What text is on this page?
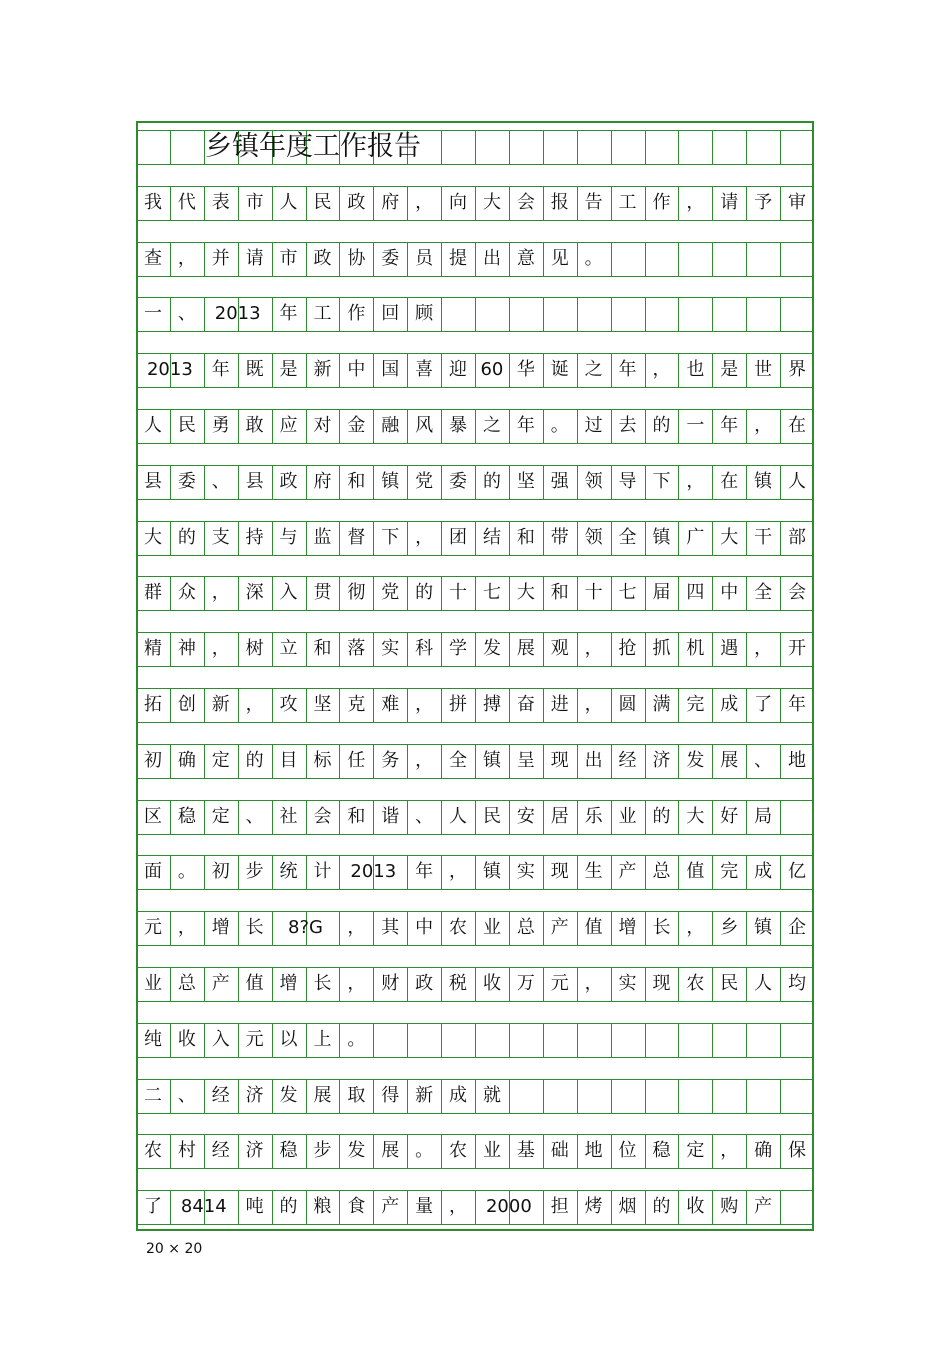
乡镇年度工作报告
我 代 表 市 人 民 政 府 ， 向 大 会 报 告 工 作 ， 请 予 审
查 ， 并 请 市 政 协 委 员 提 出 意 见 。
一 、	2013	年 工 作 回 顾
2013	年 既 是 新 中 国 喜 迎 60 华 诞 之 年 ， 也 是 世 界
人 民 勇 敢 应 对 金 融 风 暴 之 年 。 过 去 的 一 年 ， 在
县 委 、 县 政 府 和 镇 党 委 的 坚 强 领 导 下 ， 在 镇 人
大 的 支 持 与 监 督 下 ， 团 结 和 带 领 全 镇 广 大 干 部
群 众 ， 深 入 贯 彻 党 的 十 七 大 和 十 七 届 四 中 全 会
精 神 ， 树 立 和 落 实 科 学 发 展 观 ， 抢 抓 机 遇 ， 开
拓 创 新 ， 攻 坚 克 难 ， 拼 搏 奋 进 ， 圆 满 完 成 了 年
初 确 定 的 目 标 任 务 ， 全 镇 呈 现 出 经 济 发 展 、 地
区 稳 定 、 社 会 和 谐 、 人 民 安 居 乐 业 的 大 好 局
面 。 初 步 统 计	2013	年 ， 镇 实 现 生 产 总 值 完 成 亿
元 ， 增 长	8?G	， 其 中 农 业 总 产 值 增 长 ， 乡 镇 企
业 总 产 值 增 长 ， 财 政 税 收 万 元 ， 实 现 农 民 人 均
纯 收 入 元 以 上 。
二 、 经 济 发 展 取 得 新 成 就
农 村 经 济 稳 步 发 展 。 农 业 基 础 地 位 稳 定 ， 确 保
了	8414	吨 的 粮 食 产 量 ，	2000	担 烤 烟 的 收 购 产
20 × 20
